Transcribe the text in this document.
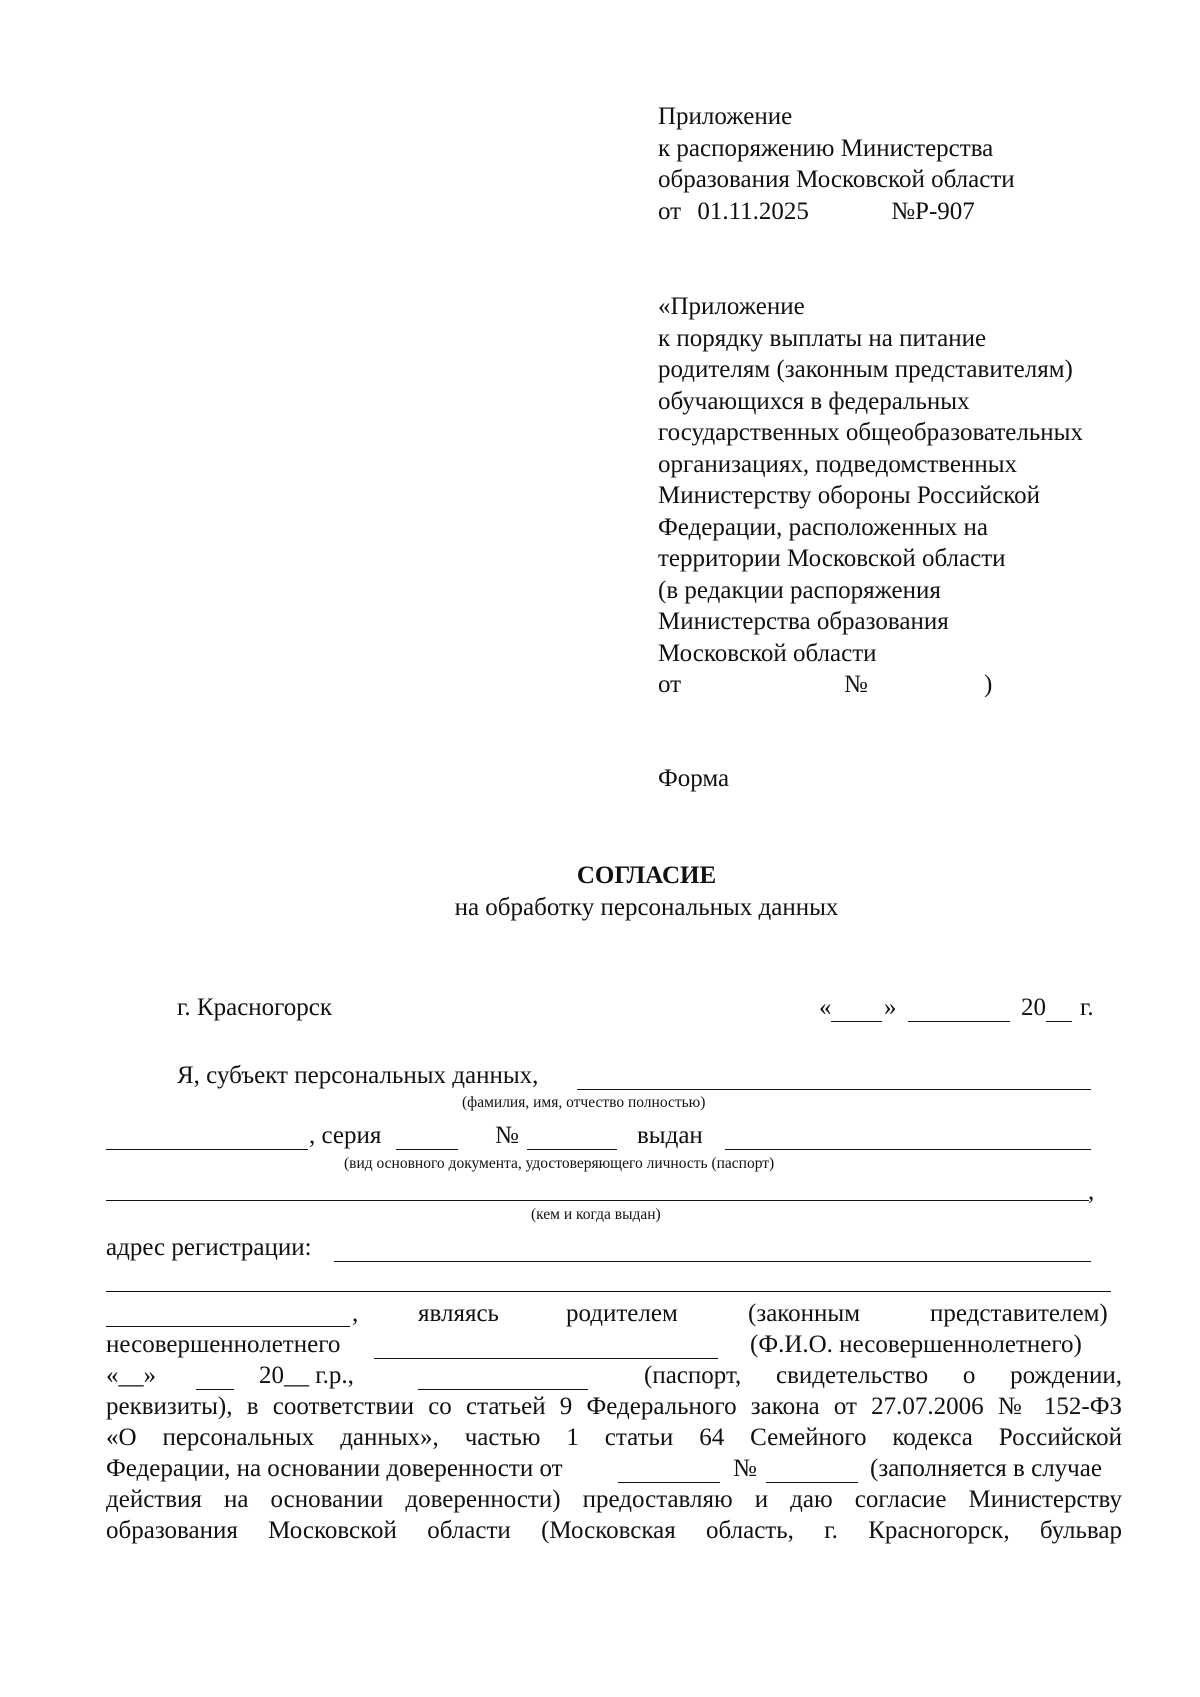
Приложение
к распоряжению Министерства
образования Московской области
от 01.11.2025	№Р-907
«Приложение
к порядку выплаты на питание
родителям (законным представителям)
обучающихся в федеральных
государственных общеобразовательных
организациях, подведомственных
Министерству обороны Российской
Федерации, расположенных на
территории Московской области
(в редакции распоряжения
Министерства образования
Московской области
от	№	)
Форма
СОГЛАСИЕ
на обработку персональных данных
г. Красногорск	« »	20 г.
Я, субъект персональных данных,
(фамилия, имя, отчество полностью)
, серия	№	выдан
(вид основного документа, удостоверяющего личность (паспорт)
,
(кем и когда выдан)
адрес регистрации:
, являясь	родителем	(законным	представителем)
несовершеннолетнего	(Ф.И.О. несовершеннолетнего)
«__»	20__ г.р.,	(паспорт, свидетельство о рождении,
реквизиты), в соответствии со статьей 9 Федерального закона от 27.07.2006 № 152-ФЗ
«О персональных данных», частью 1 статьи 64 Семейного кодекса Российской
Федерации, на основании доверенности от	№	(заполняется в случае
действия на основании доверенности) предоставляю и даю согласие Министерству
образования Московской области (Московская область, г. Красногорск, бульвар
